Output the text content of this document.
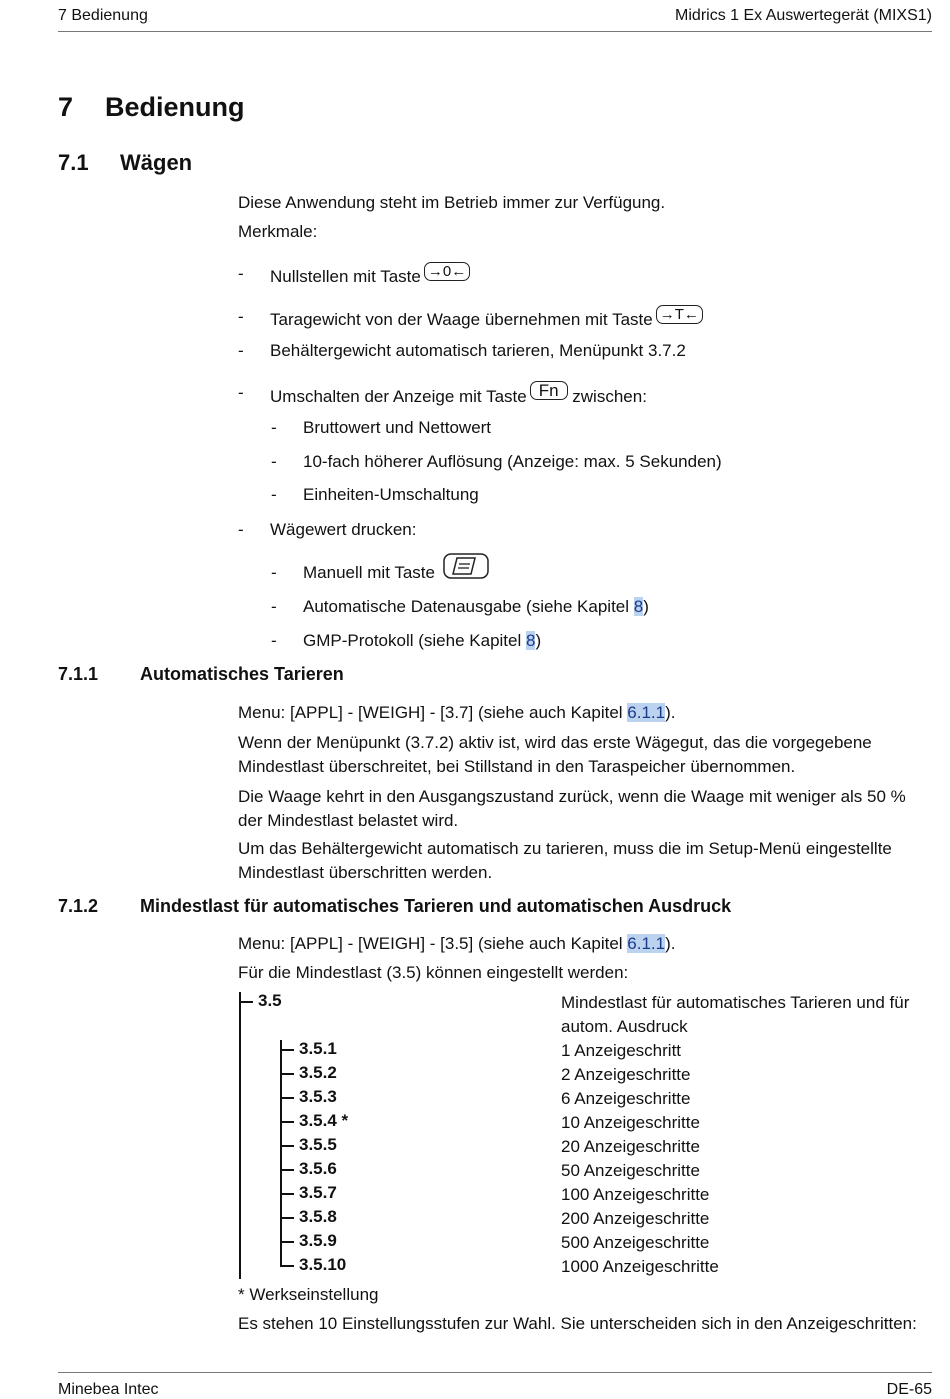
7 Bedienung	Midrics 1 Ex Auswertegerät (MIXS1)
7 Bedienung
7.1 Wägen
Diese Anwendung steht im Betrieb immer zur Verfügung.
Merkmale:
- Nullstellen mit Taste →0←
- Taragewicht von der Waage übernehmen mit Taste →T←
- Behältergewicht automatisch tarieren, Menüpunkt 3.7.2
- Umschalten der Anzeige mit Taste Fn zwischen:
- Bruttowert und Nettowert
- 10-fach höherer Auflösung (Anzeige: max. 5 Sekunden)
- Einheiten-Umschaltung
- Wägewert drucken:
- Manuell mit Taste
- Automatische Datenausgabe (siehe Kapitel 8)
- GMP-Protokoll (siehe Kapitel 8)
7.1.1 Automatisches Tarieren
Menu: [APPL] - [WEIGH] - [3.7] (siehe auch Kapitel 6.1.1).
Wenn der Menüpunkt (3.7.2) aktiv ist, wird das erste Wägegut, das die vorgegebene Mindestlast überschreitet, bei Stillstand in den Taraspeicher übernommen.
Die Waage kehrt in den Ausgangszustand zurück, wenn die Waage mit weniger als 50 % der Mindestlast belastet wird.
Um das Behältergewicht automatisch zu tarieren, muss die im Setup-Menü eingestellte Mindestlast überschritten werden.
7.1.2 Mindestlast für automatisches Tarieren und automatischen Ausdruck
Menu: [APPL] - [WEIGH] - [3.5] (siehe auch Kapitel 6.1.1).
Für die Mindestlast (3.5) können eingestellt werden:
3.5	Mindestlast für automatisches Tarieren und für autom. Ausdruck
3.5.1	1 Anzeigeschritt
3.5.2	2 Anzeigeschritte
3.5.3	6 Anzeigeschritte
3.5.4 *	10 Anzeigeschritte
3.5.5	20 Anzeigeschritte
3.5.6	50 Anzeigeschritte
3.5.7	100 Anzeigeschritte
3.5.8	200 Anzeigeschritte
3.5.9	500 Anzeigeschritte
3.5.10	1000 Anzeigeschritte
* Werkseinstellung
Es stehen 10 Einstellungsstufen zur Wahl. Sie unterscheiden sich in den Anzeigeschritten:
Minebea Intec	DE-65
